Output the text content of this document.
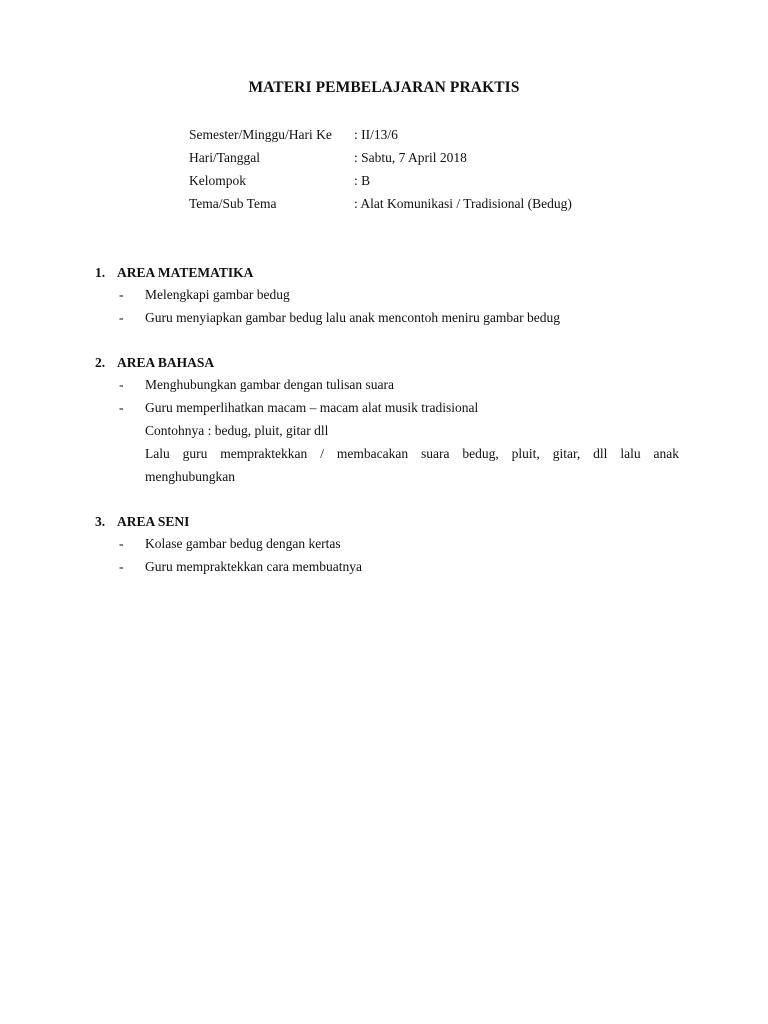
MATERI PEMBELAJARAN PRAKTIS
Semester/Minggu/Hari Ke	: II/13/6
Hari/Tanggal	: Sabtu, 7 April 2018
Kelompok	: B
Tema/Sub Tema	: Alat Komunikasi / Tradisional (Bedug)
1. AREA MATEMATIKA
-	Melengkapi gambar bedug
-	Guru menyiapkan gambar bedug lalu anak mencontoh meniru gambar bedug
2. AREA BAHASA
-	Menghubungkan gambar dengan tulisan suara
-	Guru memperlihatkan macam – macam alat musik tradisional
Contohnya : bedug, pluit, gitar dll
Lalu guru mempraktekkan / membacakan suara bedug, pluit, gitar, dll lalu anak
menghubungkan
3. AREA SENI
-	Kolase gambar bedug dengan kertas
-	Guru mempraktekkan cara membuatnya
